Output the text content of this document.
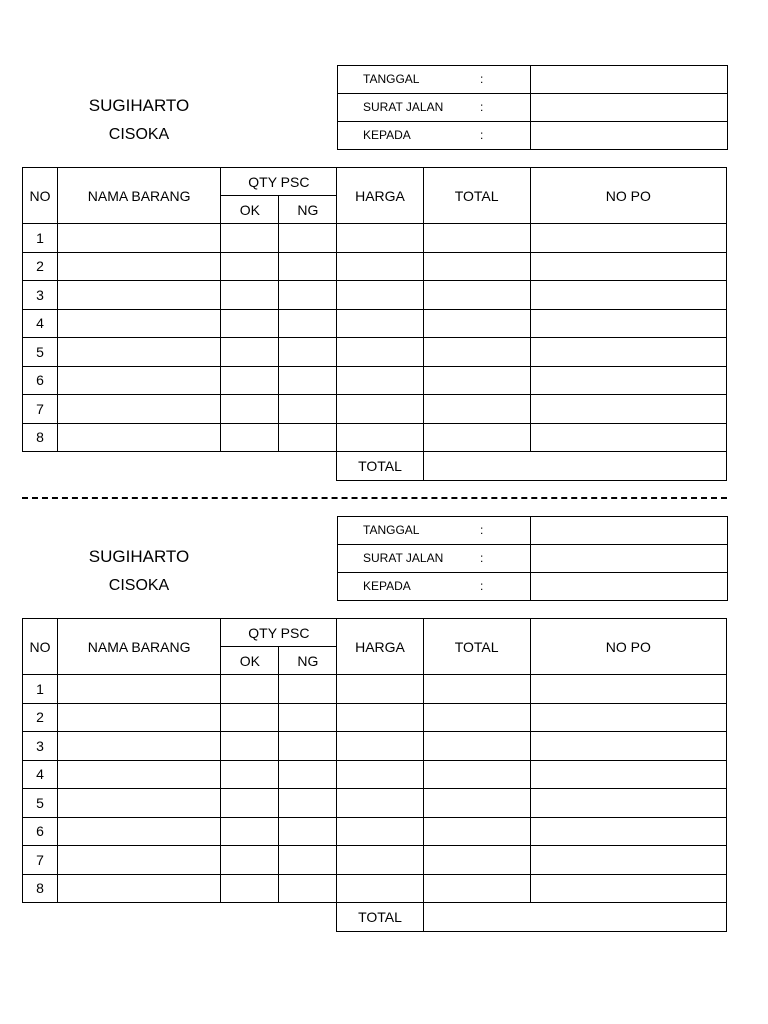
SUGIHARTO
CISOKA
TANGGAL :	

SURAT JALAN :	

KEPADA :	

NO	NAMA BARANG	QTY PSC		HARGA	TOTAL	NO PO
		OK	NG			
1						
2						
3						
4						
5						
6						
7						
8						
				TOTAL		
SUGIHARTO
CISOKA
TANGGAL :	

SURAT JALAN :	

KEPADA :	

NO	NAMA BARANG	QTY PSC		HARGA	TOTAL	NO PO
		OK	NG			
1						
2						
3						
4						
5						
6						
7						
8						
				TOTAL		
